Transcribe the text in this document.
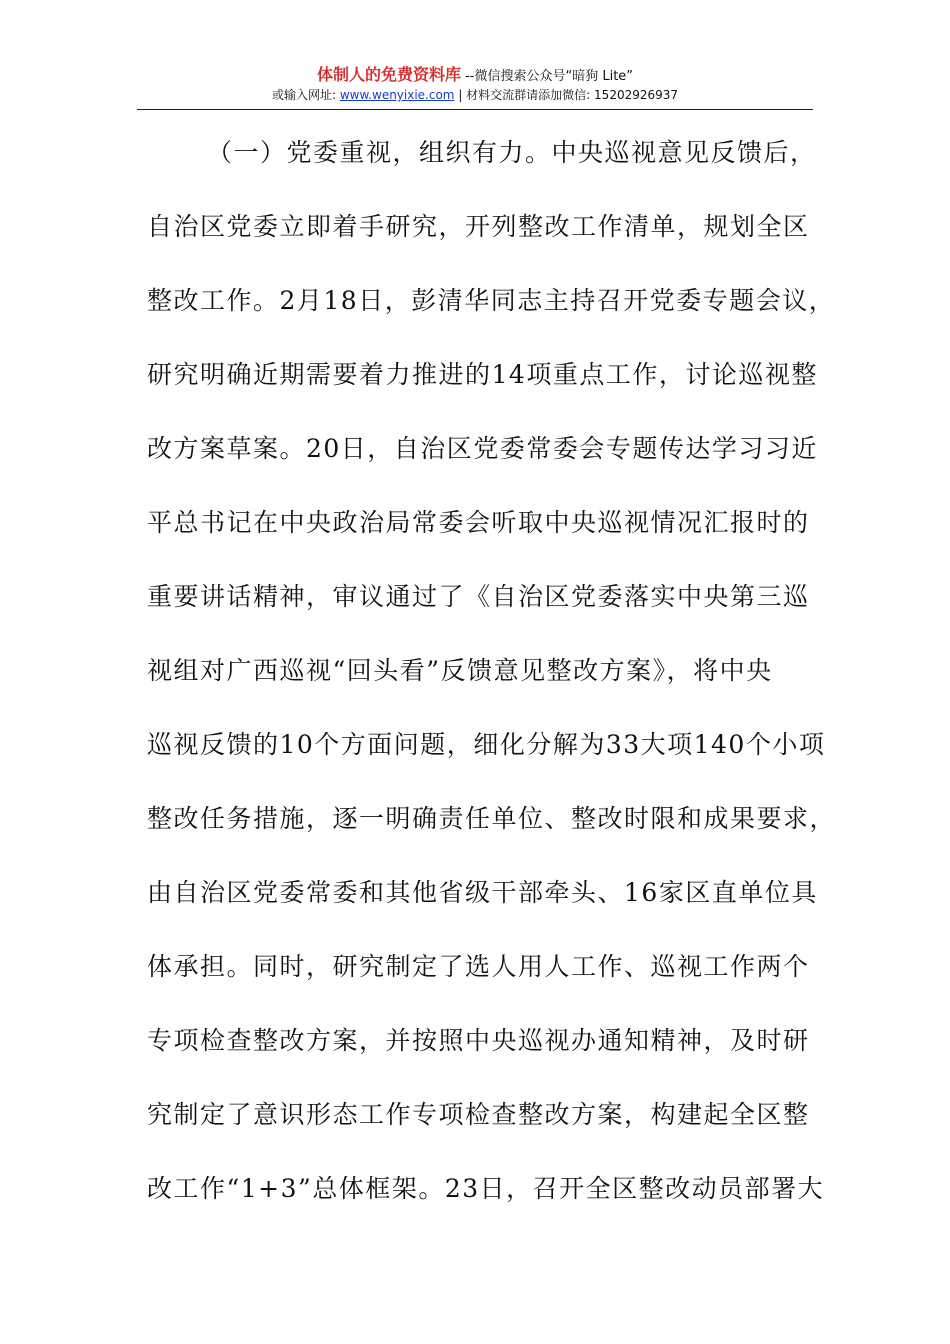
体制人的免费资料库 --微信搜索公众号“暗狗 Lite”
或输入网址: www.wenyixie.com | 材料交流群请添加微信: 15202926937
（一）党委重视，组织有力。中央巡视意见反馈后，
自治区党委立即着手研究，开列整改工作清单，规划全区
整改工作。2月18日，彭清华同志主持召开党委专题会议，
研究明确近期需要着力推进的14项重点工作，讨论巡视整
改方案草案。20日，自治区党委常委会专题传达学习习近
平总书记在中央政治局常委会听取中央巡视情况汇报时的
重要讲话精神，审议通过了《自治区党委落实中央第三巡
视组对广西巡视“回头看”反馈意见整改方案》，将中央
巡视反馈的10个方面问题，细化分解为33大项140个小项
整改任务措施，逐一明确责任单位、整改时限和成果要求，
由自治区党委常委和其他省级干部牵头、16家区直单位具
体承担。同时，研究制定了选人用人工作、巡视工作两个
专项检查整改方案，并按照中央巡视办通知精神，及时研
究制定了意识形态工作专项检查整改方案，构建起全区整
改工作“1+3”总体框架。23日，召开全区整改动员部署大
